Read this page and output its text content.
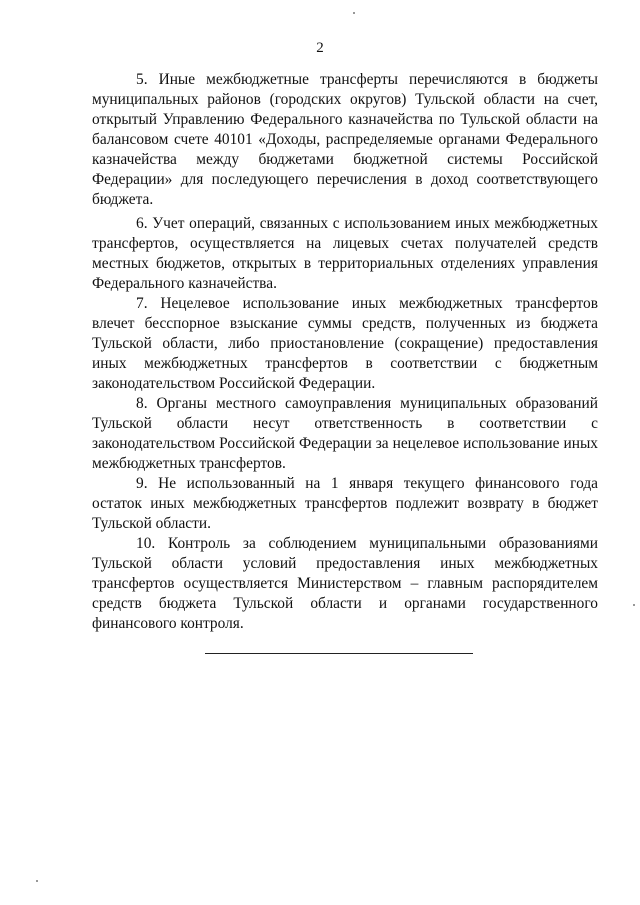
2

5. Иные межбюджетные трансферты перечисляются в бюджеты муниципальных районов (городских округов) Тульской области на счет, открытый Управлению Федерального казначейства по Тульской области на балансовом счете 40101 «Доходы, распределяемые органами Федерального казначейства между бюджетами бюджетной системы Российской Федерации» для последующего перечисления в доход соответствующего бюджета.

6. Учет операций, связанных с использованием иных межбюджетных трансфертов, осуществляется на лицевых счетах получателей средств местных бюджетов, открытых в территориальных отделениях управления Федерального казначейства.

7. Нецелевое использование иных межбюджетных трансфертов влечет бесспорное взыскание суммы средств, полученных из бюджета Тульской области, либо приостановление (сокращение) предоставления иных межбюджетных трансфертов в соответствии с бюджетным законодательством Российской Федерации.

8. Органы местного самоуправления муниципальных образований Тульской области несут ответственность в соответствии с законодательством Российской Федерации за нецелевое использование иных межбюджетных трансфертов.

9. Не использованный на 1 января текущего финансового года остаток иных межбюджетных трансфертов подлежит возврату в бюджет Тульской области.

10. Контроль за соблюдением муниципальными образованиями Тульской области условий предоставления иных межбюджетных трансфертов осуществляется Министерством – главным распорядителем средств бюджета Тульской области и органами государственного финансового контроля.
